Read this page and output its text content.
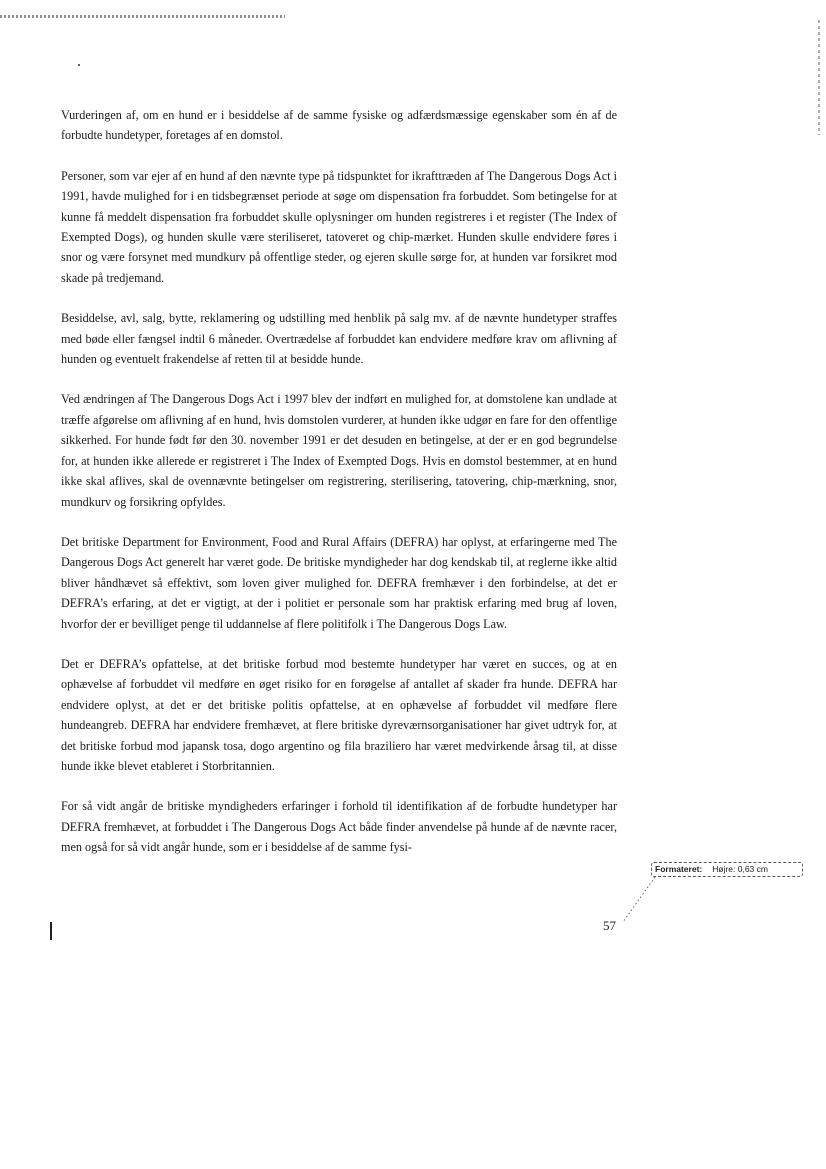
Vurderingen af, om en hund er i besiddelse af de samme fysiske og adfærdsmæssige egenskaber som én af de forbudte hundetyper, foretages af en domstol.

Personer, som var ejer af en hund af den nævnte type på tidspunktet for ikrafttræden af The Dangerous Dogs Act i 1991, havde mulighed for i en tidsbegrænset periode at søge om dispensation fra forbuddet. Som betingelse for at kunne få meddelt dispensation fra forbuddet skulle oplysninger om hunden registreres i et register (The Index of Exempted Dogs), og hunden skulle være steriliseret, tatoveret og chip-mærket. Hunden skulle endvidere føres i snor og være forsynet med mundkurv på offentlige steder, og ejeren skulle sørge for, at hunden var forsikret mod skade på tredjemand.

Besiddelse, avl, salg, bytte, reklamering og udstilling med henblik på salg mv. af de nævnte hundetyper straffes med bøde eller fængsel indtil 6 måneder. Overtrædelse af forbuddet kan endvidere medføre krav om aflivning af hunden og eventuelt frakendelse af retten til at besidde hunde.

Ved ændringen af The Dangerous Dogs Act i 1997 blev der indført en mulighed for, at domstolene kan undlade at træffe afgørelse om aflivning af en hund, hvis domstolen vurderer, at hunden ikke udgør en fare for den offentlige sikkerhed. For hunde født før den 30. november 1991 er det desuden en betingelse, at der er en god begrundelse for, at hunden ikke allerede er registreret i The Index of Exempted Dogs. Hvis en domstol bestemmer, at en hund ikke skal aflives, skal de ovennævnte betingelser om registrering, sterilisering, tatovering, chip-mærkning, snor, mundkurv og forsikring opfyldes.

Det britiske Department for Environment, Food and Rural Affairs (DEFRA) har oplyst, at erfaringerne med The Dangerous Dogs Act generelt har været gode. De britiske myndigheder har dog kendskab til, at reglerne ikke altid bliver håndhævet så effektivt, som loven giver mulighed for. DEFRA fremhæver i den forbindelse, at det er DEFRA’s erfaring, at det er vigtigt, at der i politiet er personale som har praktisk erfaring med brug af loven, hvorfor der er bevilliget penge til uddannelse af flere politifolk i The Dangerous Dogs Law.

Det er DEFRA’s opfattelse, at det britiske forbud mod bestemte hundetyper har været en succes, og at en ophævelse af forbuddet vil medføre en øget risiko for en forøgelse af antallet af skader fra hunde. DEFRA har endvidere oplyst, at det er det britiske politis opfattelse, at en ophævelse af forbuddet vil medføre flere hundeangreb. DEFRA har endvidere fremhævet, at flere britiske dyreværnsorganisationer har givet udtryk for, at det britiske forbud mod japansk tosa, dogo argentino og fila braziliero har været medvirkende årsag til, at disse hunde ikke blevet etableret i Storbritannien.

For så vidt angår de britiske myndigheders erfaringer i forhold til identifikation af de forbudte hundetyper har DEFRA fremhævet, at forbuddet i The Dangerous Dogs Act både finder anvendelse på hunde af de nævnte racer, men også for så vidt angår hunde, som er i besiddelse af de samme fysi-

Formateret: Højre: 0,63 cm
57
